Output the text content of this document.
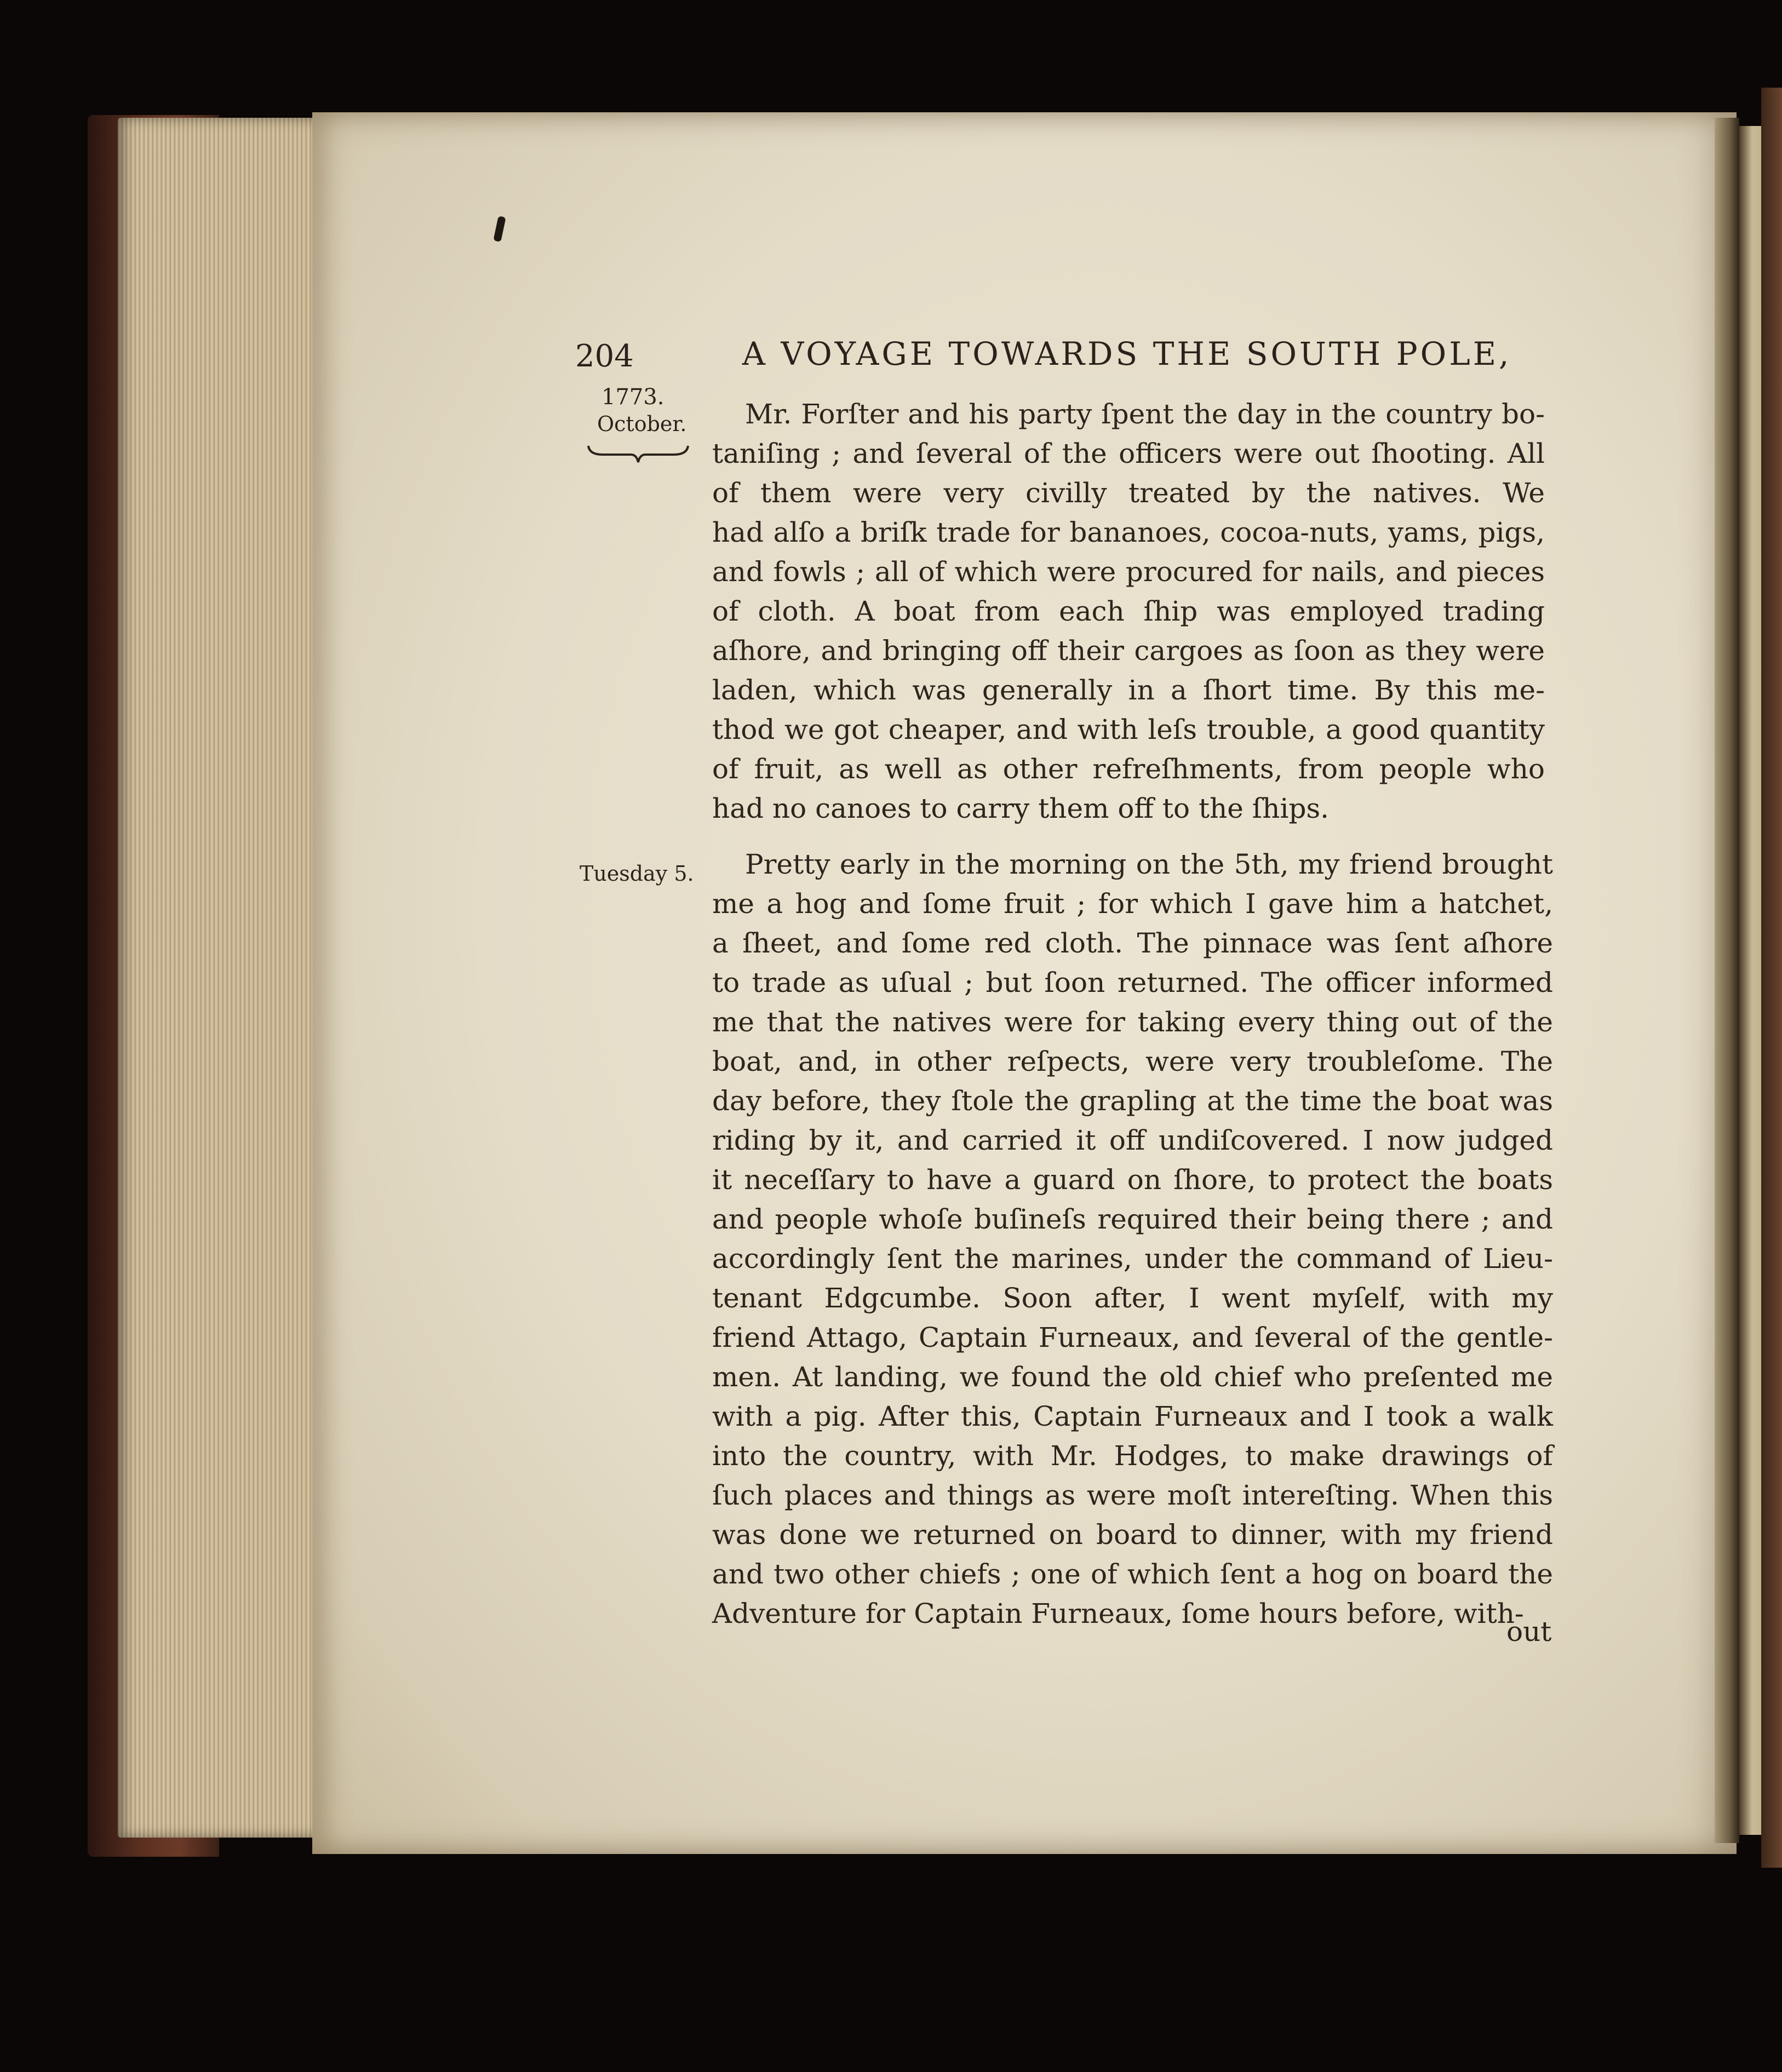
204	A VOYAGE TOWARDS THE SOUTH POLE,
1773.
October.
Tuesday 5.
Mr. Forſter and his party ſpent the day in the country bo-
taniſing ; and ſeveral of the officers were out ſhooting. All
of them were very civilly treated by the natives. We
had alſo a briſk trade for bananoes, cocoa-nuts, yams, pigs,
and fowls ; all of which were procured for nails, and pieces
of cloth. A boat from each ſhip was employed trading
aſhore, and bringing off their cargoes as ſoon as they were
laden, which was generally in a ſhort time. By this me-
thod we got cheaper, and with leſs trouble, a good quantity
of fruit, as well as other refreſhments, from people who
had no canoes to carry them off to the ſhips.
Pretty early in the morning on the 5th, my friend brought
me a hog and ſome fruit ; for which I gave him a hatchet,
a ſheet, and ſome red cloth. The pinnace was ſent aſhore
to trade as uſual ; but ſoon returned. The officer informed
me that the natives were for taking every thing out of the
boat, and, in other reſpects, were very troubleſome. The
day before, they ſtole the grapling at the time the boat was
riding by it, and carried it off undiſcovered. I now judged
it neceſſary to have a guard on ſhore, to protect the boats
and people whoſe buſineſs required their being there ; and
accordingly ſent the marines, under the command of Lieu-
tenant Edgcumbe. Soon after, I went myſelf, with my
friend Attago, Captain Furneaux, and ſeveral of the gentle-
men. At landing, we found the old chief who preſented me
with a pig. After this, Captain Furneaux and I took a walk
into the country, with Mr. Hodges, to make drawings of
ſuch places and things as were moſt intereſting. When this
was done we returned on board to dinner, with my friend
and two other chiefs ; one of which ſent a hog on board the
Adventure for Captain Furneaux, ſome hours before, with-
out
